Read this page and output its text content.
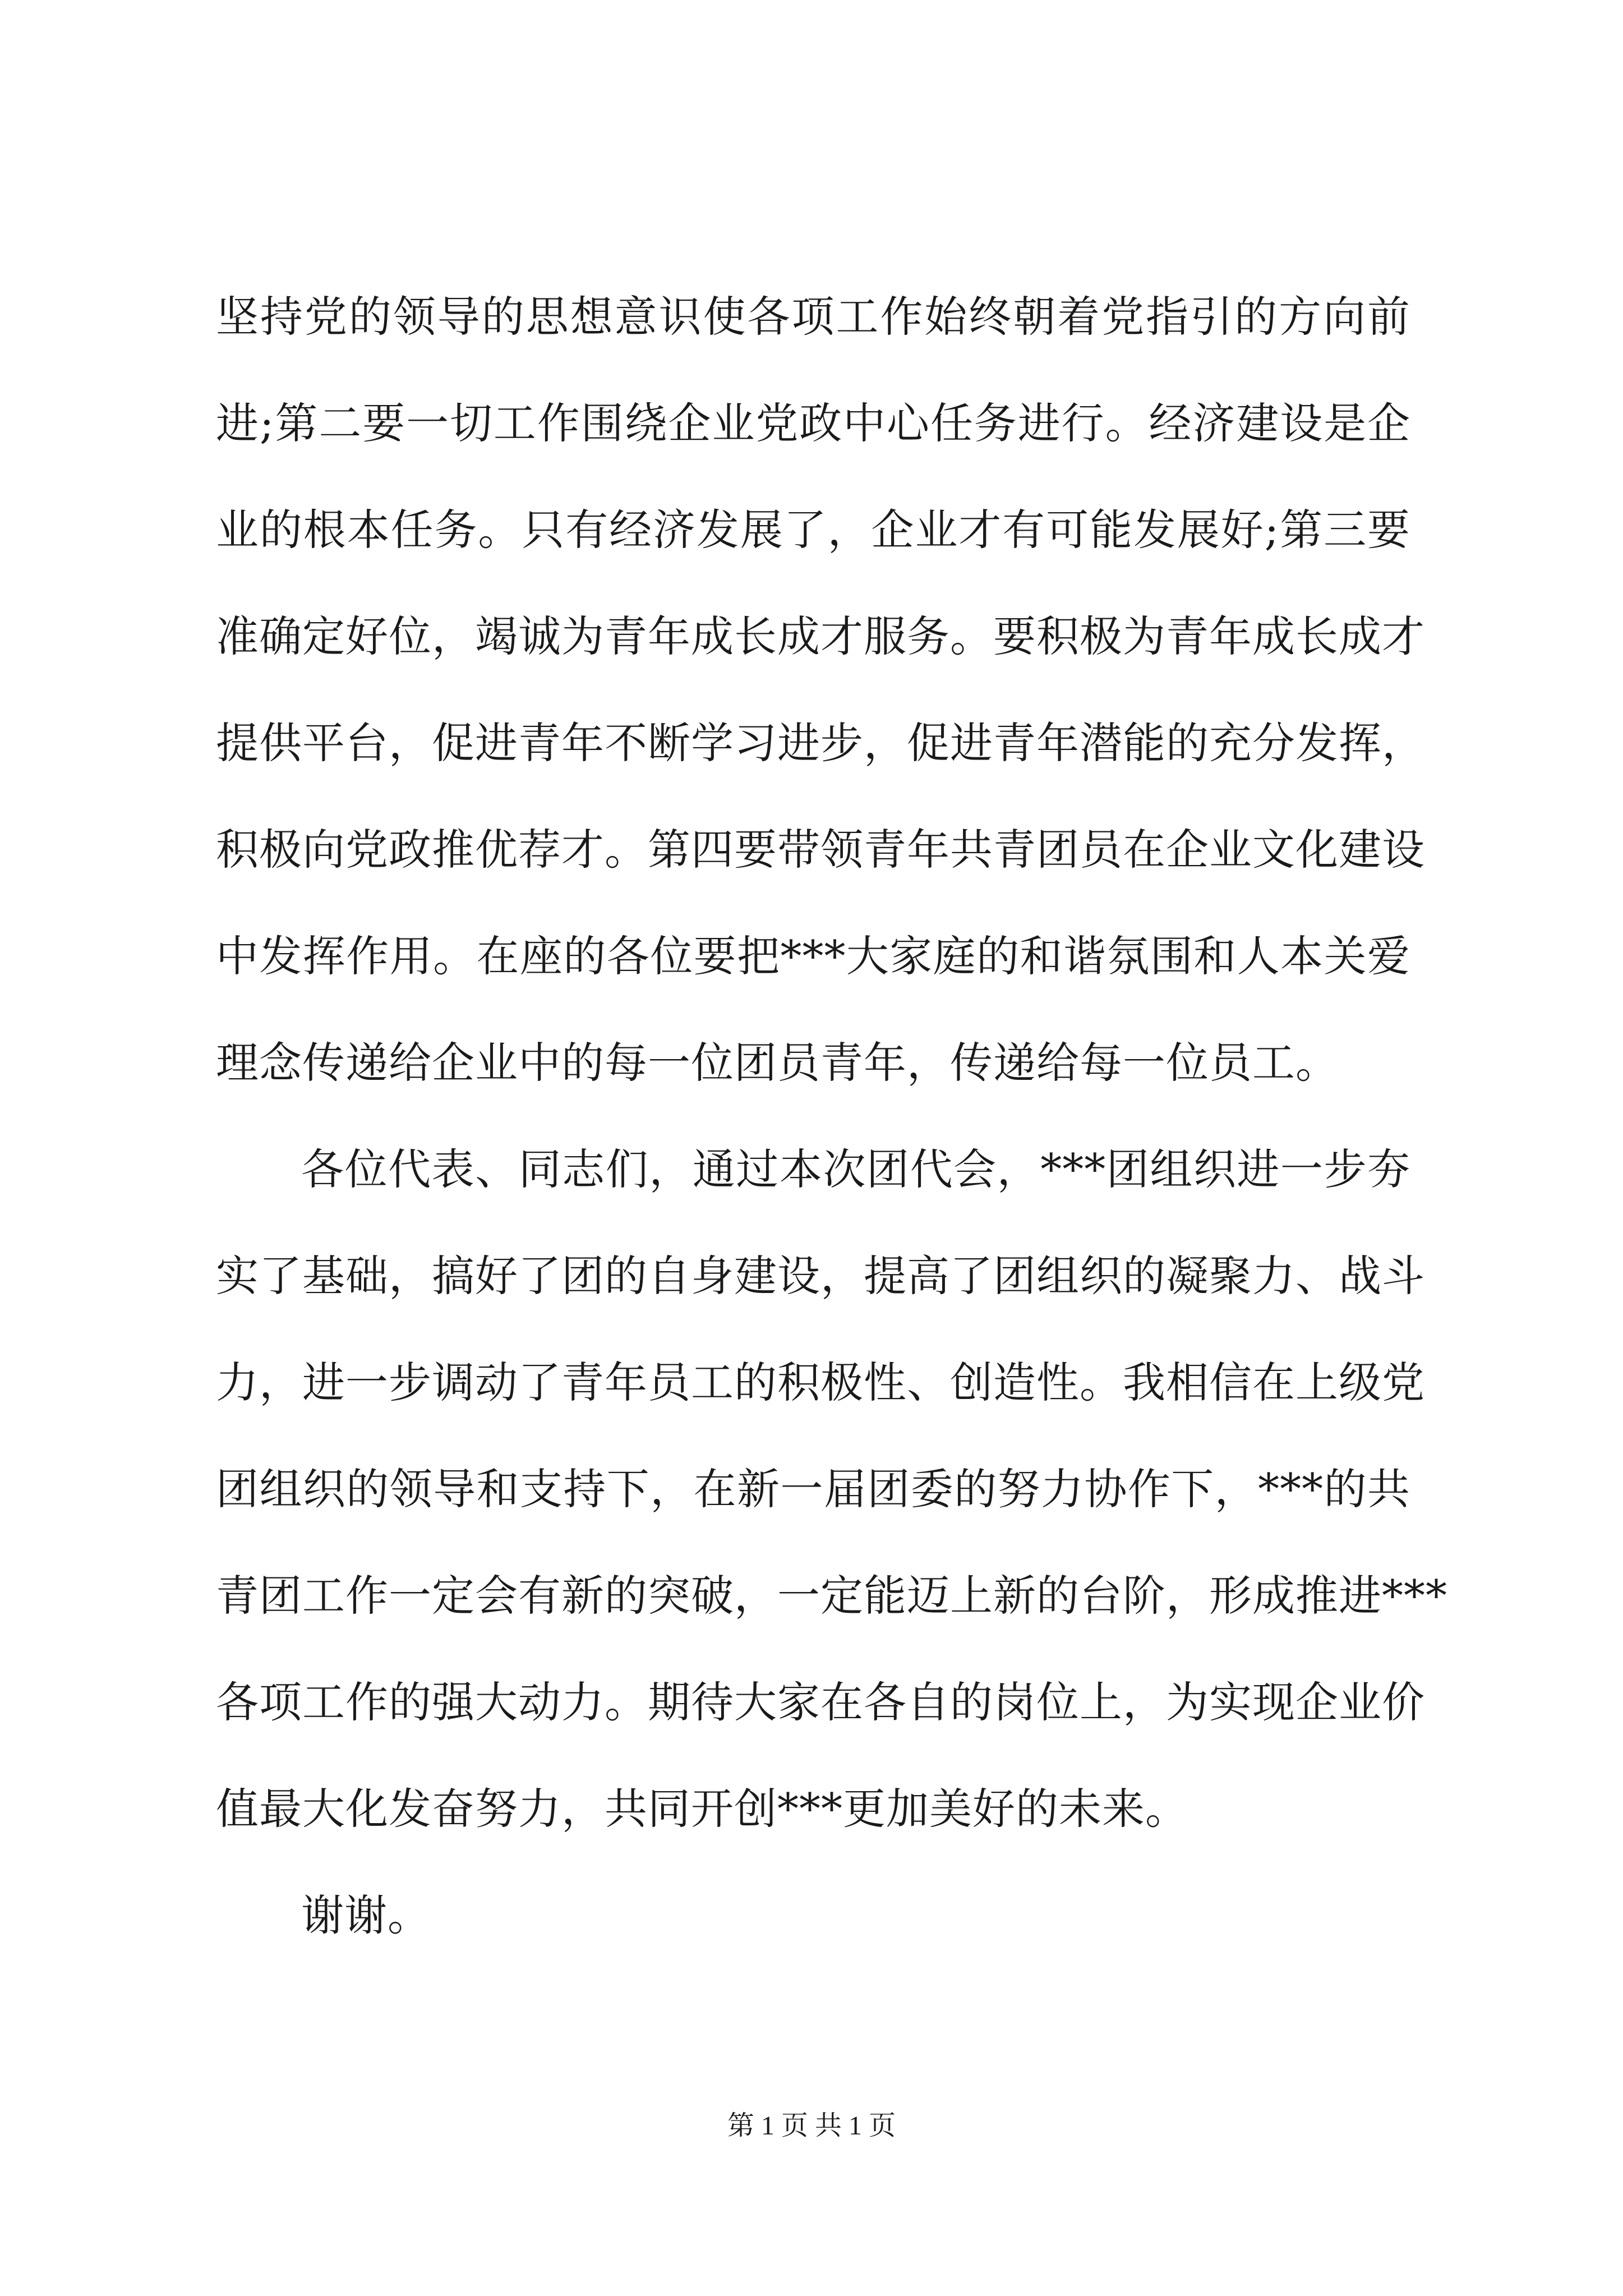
坚持党的领导的思想意识使各项工作始终朝着党指引的方向前
进;第二要一切工作围绕企业党政中心任务进行。经济建设是企
业的根本任务。只有经济发展了，企业才有可能发展好;第三要
准确定好位，竭诚为青年成长成才服务。要积极为青年成长成才
提供平台，促进青年不断学习进步，促进青年潜能的充分发挥，
积极向党政推优荐才。第四要带领青年共青团员在企业文化建设
中发挥作用。在座的各位要把***大家庭的和谐氛围和人本关爱
理念传递给企业中的每一位团员青年，传递给每一位员工。
各位代表、同志们，通过本次团代会，***团组织进一步夯
实了基础，搞好了团的自身建设，提高了团组织的凝聚力、战斗
力，进一步调动了青年员工的积极性、创造性。我相信在上级党
团组织的领导和支持下，在新一届团委的努力协作下，***的共
青团工作一定会有新的突破，一定能迈上新的台阶，形成推进***
各项工作的强大动力。期待大家在各自的岗位上，为实现企业价
值最大化发奋努力，共同开创***更加美好的未来。
谢谢。
第 1 页 共 1 页
